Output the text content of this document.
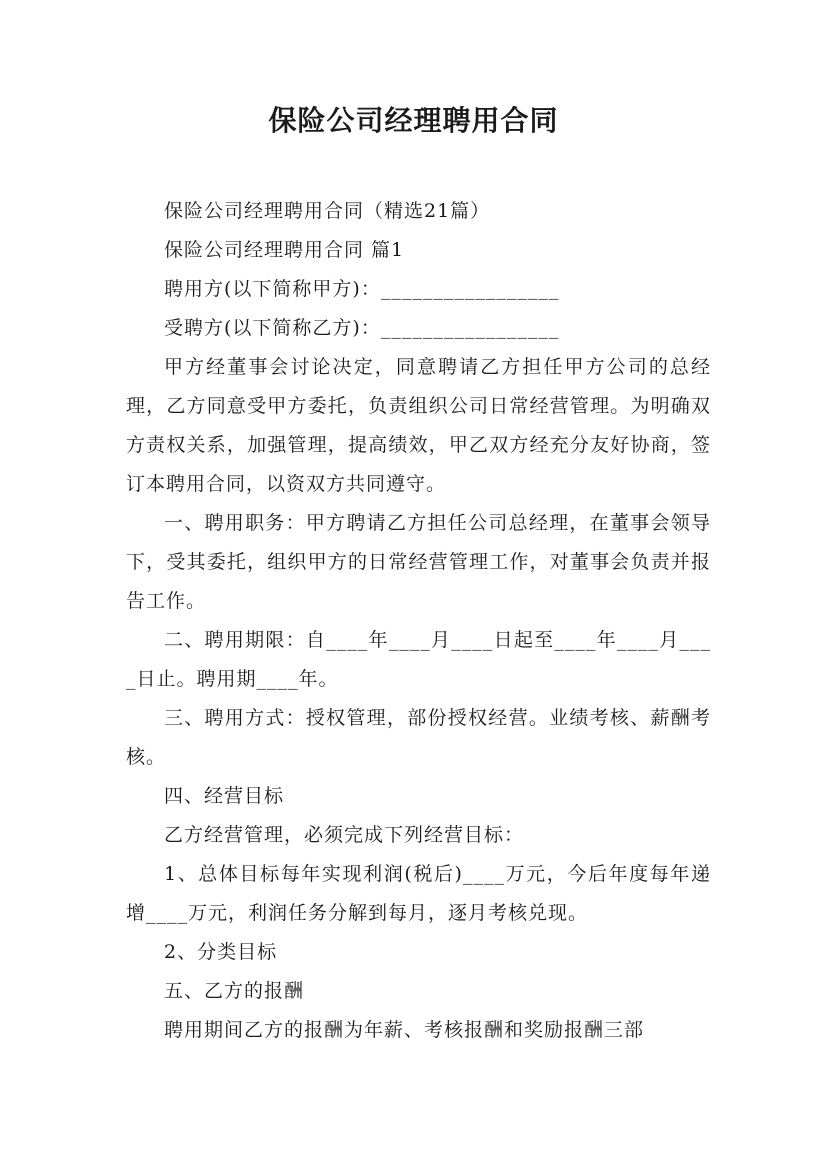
保险公司经理聘用合同

保险公司经理聘用合同（精选21篇）

保险公司经理聘用合同 篇1

聘用方(以下简称甲方)：_________________

受聘方(以下简称乙方)：_________________

甲方经董事会讨论决定，同意聘请乙方担任甲方公司的总经理，乙方同意受甲方委托，负责组织公司日常经营管理。为明确双方责权关系，加强管理，提高绩效，甲乙双方经充分友好协商，签订本聘用合同，以资双方共同遵守。

一、聘用职务：甲方聘请乙方担任公司总经理，在董事会领导下，受其委托，组织甲方的日常经营管理工作，对董事会负责并报告工作。

二、聘用期限：自____年____月____日起至____年____月____日止。聘用期____年。

三、聘用方式：授权管理，部份授权经营。业绩考核、薪酬考核。

四、经营目标

乙方经营管理，必须完成下列经营目标：

1、总体目标每年实现利润(税后)____万元，今后年度每年递增____万元，利润任务分解到每月，逐月考核兑现。

2、分类目标

五、乙方的报酬

聘用期间乙方的报酬为年薪、考核报酬和奖励报酬三部
